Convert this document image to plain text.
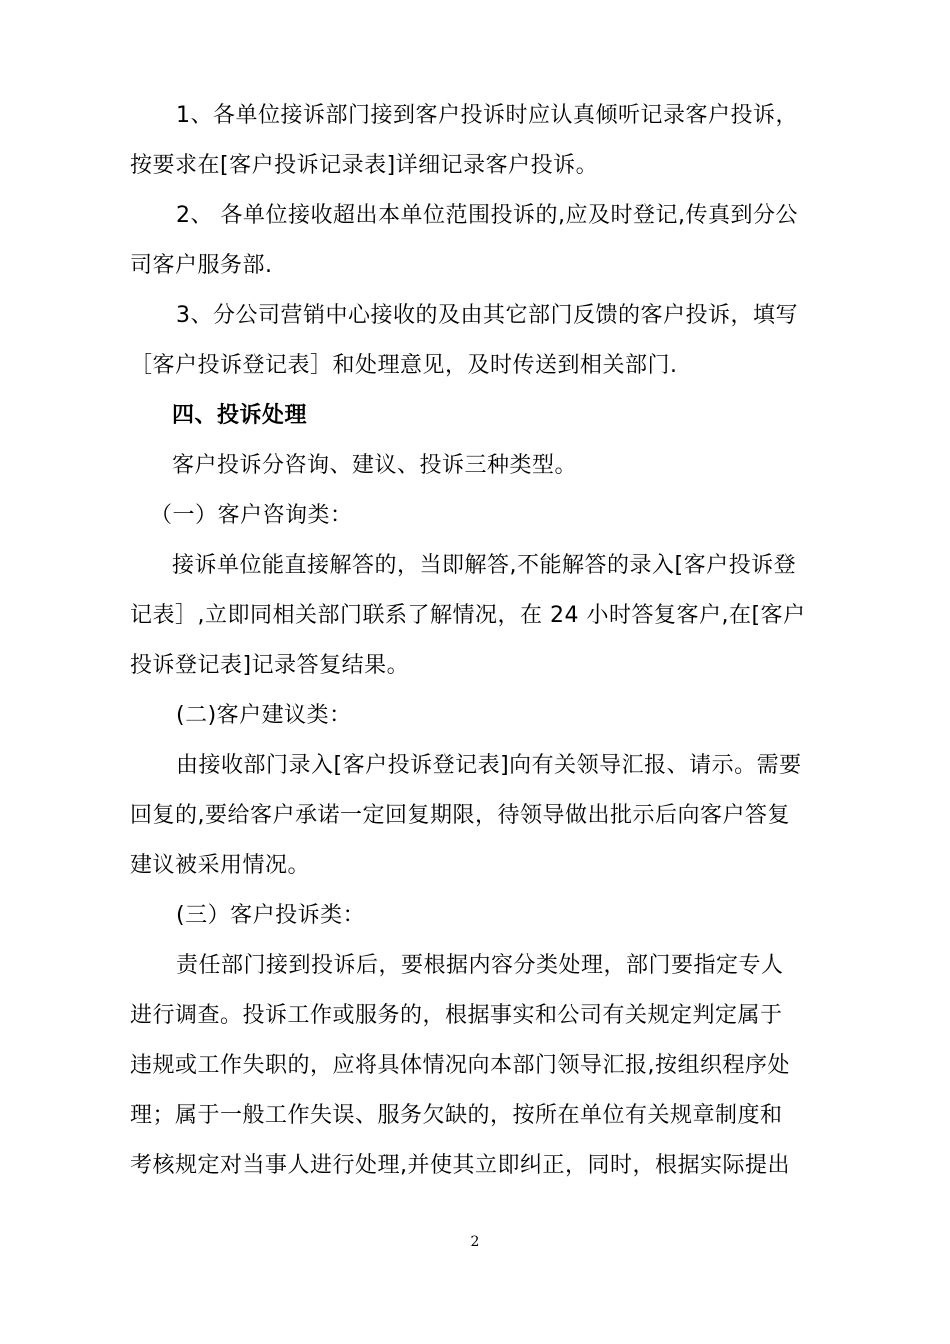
1、各单位接诉部门接到客户投诉时应认真倾听记录客户投诉，
按要求在[客户投诉记录表]详细记录客户投诉。
2、 各单位接收超出本单位范围投诉的,应及时登记,传真到分公
司客户服务部.
3、分公司营销中心接收的及由其它部门反馈的客户投诉，填写
［客户投诉登记表］和处理意见，及时传送到相关部门.
四、投诉处理
客户投诉分咨询、建议、投诉三种类型。
（一）客户咨询类：
接诉单位能直接解答的，当即解答,不能解答的录入[客户投诉登
记表］,立即同相关部门联系了解情况，在 24 小时答复客户,在[客户
投诉登记表]记录答复结果。
(二)客户建议类：
由接收部门录入[客户投诉登记表]向有关领导汇报、请示。需要
回复的,要给客户承诺一定回复期限，待领导做出批示后向客户答复
建议被采用情况。
(三）客户投诉类：
责任部门接到投诉后，要根据内容分类处理，部门要指定专人
进行调查。投诉工作或服务的，根据事实和公司有关规定判定属于
违规或工作失职的，应将具体情况向本部门领导汇报,按组织程序处
理；属于一般工作失误、服务欠缺的，按所在单位有关规章制度和
考核规定对当事人进行处理,并使其立即纠正，同时，根据实际提出
2
